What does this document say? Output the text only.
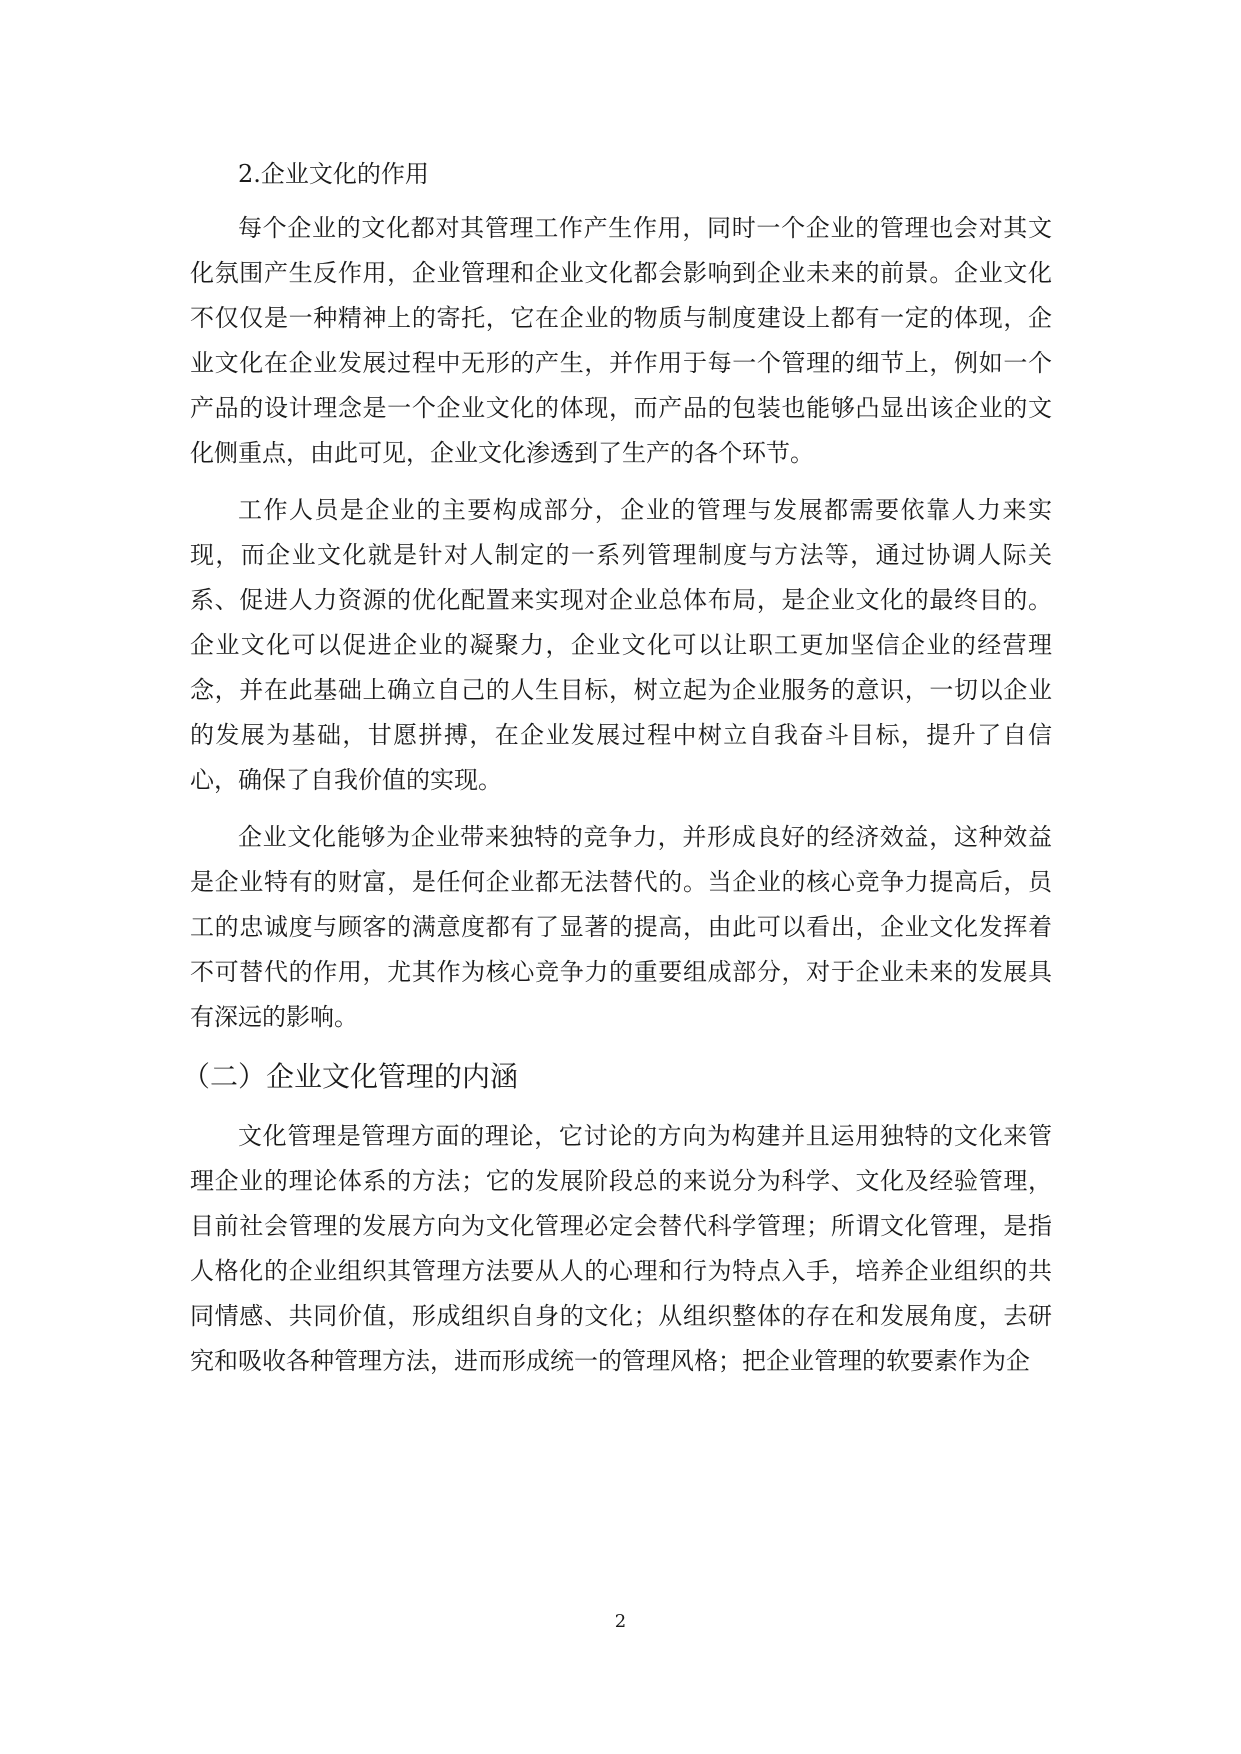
2.企业文化的作用

每个企业的文化都对其管理工作产生作用，同时一个企业的管理也会对其文化氛围产生反作用，企业管理和企业文化都会影响到企业未来的前景。企业文化不仅仅是一种精神上的寄托，它在企业的物质与制度建设上都有一定的体现，企业文化在企业发展过程中无形的产生，并作用于每一个管理的细节上，例如一个产品的设计理念是一个企业文化的体现，而产品的包装也能够凸显出该企业的文化侧重点，由此可见，企业文化渗透到了生产的各个环节。

工作人员是企业的主要构成部分，企业的管理与发展都需要依靠人力来实现，而企业文化就是针对人制定的一系列管理制度与方法等，通过协调人际关系、促进人力资源的优化配置来实现对企业总体布局，是企业文化的最终目的。企业文化可以促进企业的凝聚力，企业文化可以让职工更加坚信企业的经营理念，并在此基础上确立自己的人生目标，树立起为企业服务的意识，一切以企业的发展为基础，甘愿拼搏，在企业发展过程中树立自我奋斗目标，提升了自信心，确保了自我价值的实现。

企业文化能够为企业带来独特的竞争力，并形成良好的经济效益，这种效益是企业特有的财富，是任何企业都无法替代的。当企业的核心竞争力提高后，员工的忠诚度与顾客的满意度都有了显著的提高，由此可以看出，企业文化发挥着不可替代的作用，尤其作为核心竞争力的重要组成部分，对于企业未来的发展具有深远的影响。

（二）企业文化管理的内涵

文化管理是管理方面的理论，它讨论的方向为构建并且运用独特的文化来管理企业的理论体系的方法；它的发展阶段总的来说分为科学、文化及经验管理，目前社会管理的发展方向为文化管理必定会替代科学管理；所谓文化管理，是指人格化的企业组织其管理方法要从人的心理和行为特点入手，培养企业组织的共同情感、共同价值，形成组织自身的文化；从组织整体的存在和发展角度，去研究和吸收各种管理方法，进而形成统一的管理风格；把企业管理的软要素作为企

2
